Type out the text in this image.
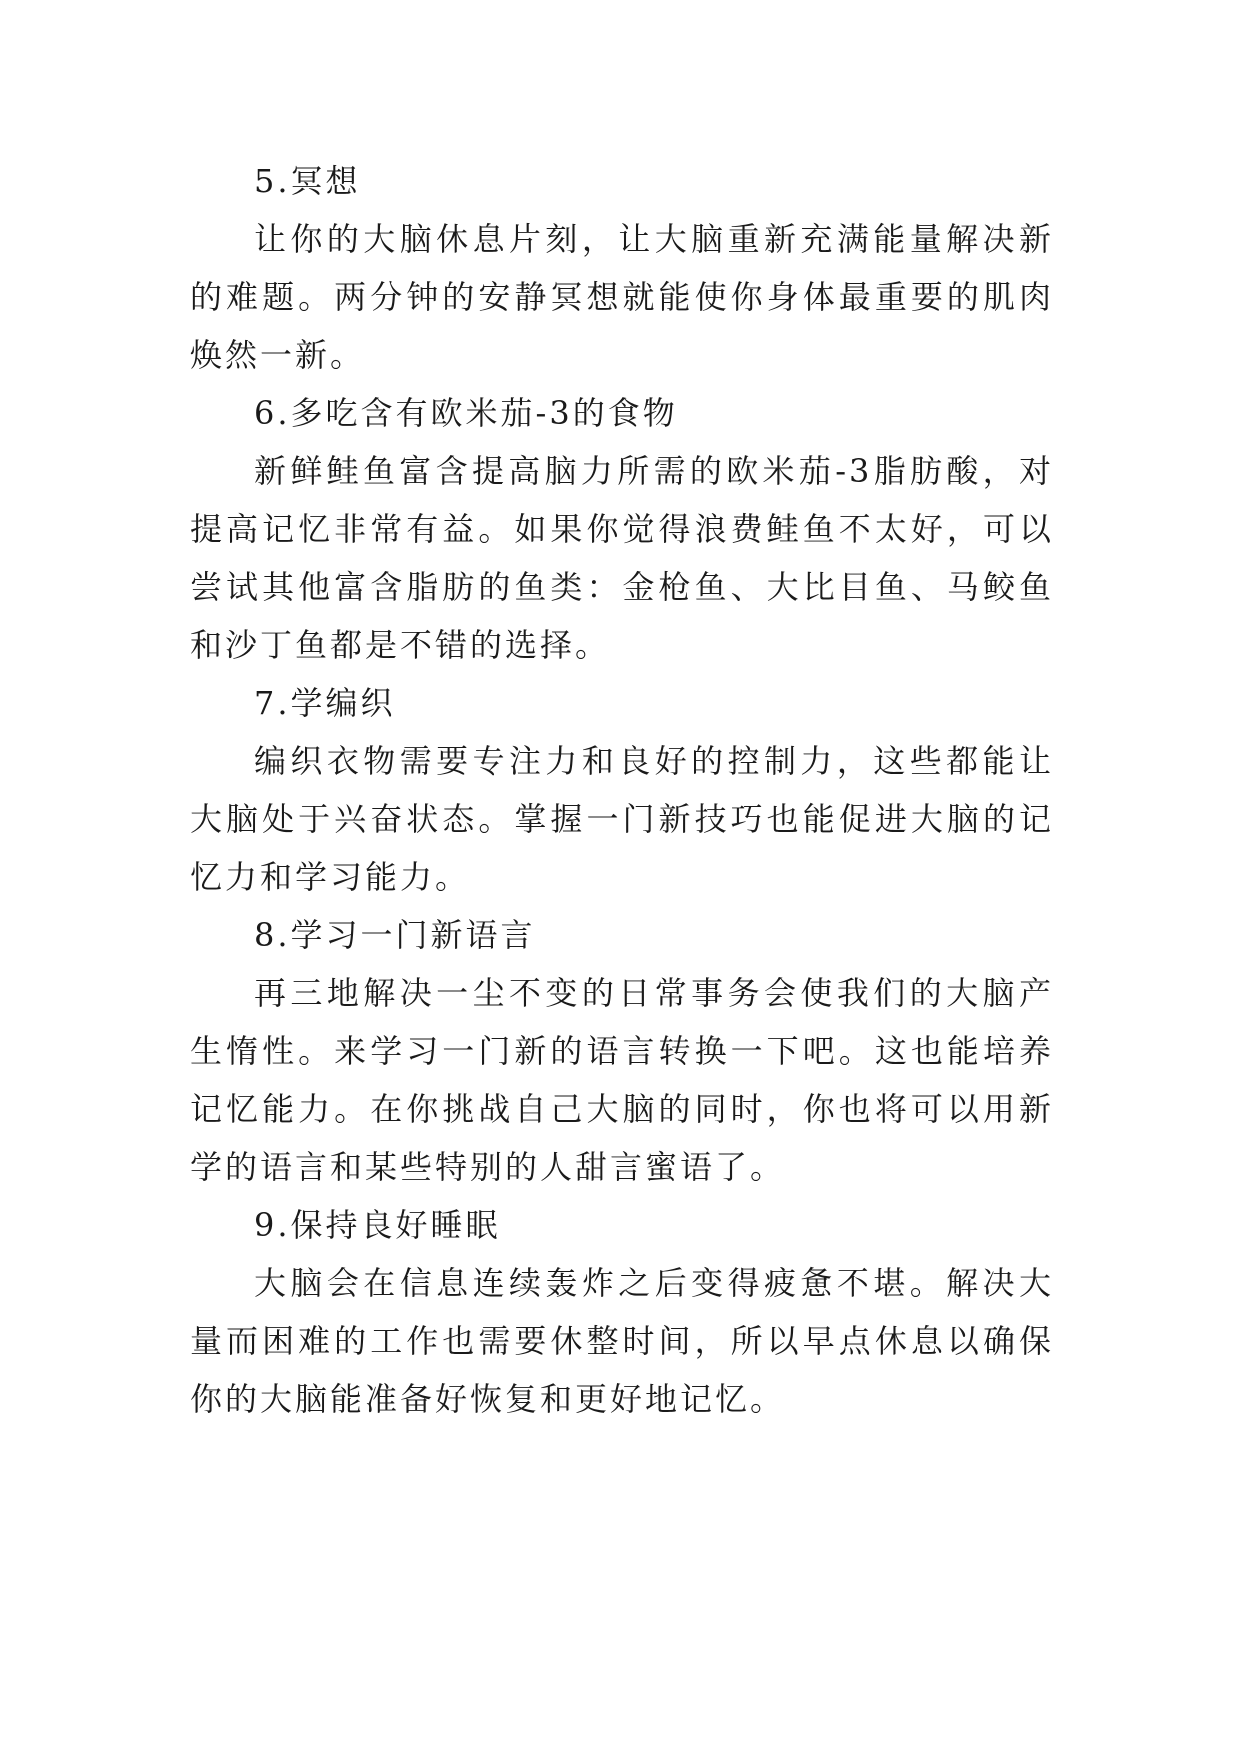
5.冥想

让你的大脑休息片刻，让大脑重新充满能量解决新的难题。两分钟的安静冥想就能使你身体最重要的肌肉焕然一新。

6.多吃含有欧米茄-3的食物

新鲜鲑鱼富含提高脑力所需的欧米茄-3脂肪酸，对提高记忆非常有益。如果你觉得浪费鲑鱼不太好，可以尝试其他富含脂肪的鱼类：金枪鱼、大比目鱼、马鲛鱼和沙丁鱼都是不错的选择。

7.学编织

编织衣物需要专注力和良好的控制力，这些都能让大脑处于兴奋状态。掌握一门新技巧也能促进大脑的记忆力和学习能力。

8.学习一门新语言

再三地解决一尘不变的日常事务会使我们的大脑产生惰性。来学习一门新的语言转换一下吧。这也能培养记忆能力。在你挑战自己大脑的同时，你也将可以用新学的语言和某些特别的人甜言蜜语了。

9.保持良好睡眠

大脑会在信息连续轰炸之后变得疲惫不堪。解决大量而困难的工作也需要休整时间，所以早点休息以确保你的大脑能准备好恢复和更好地记忆。
